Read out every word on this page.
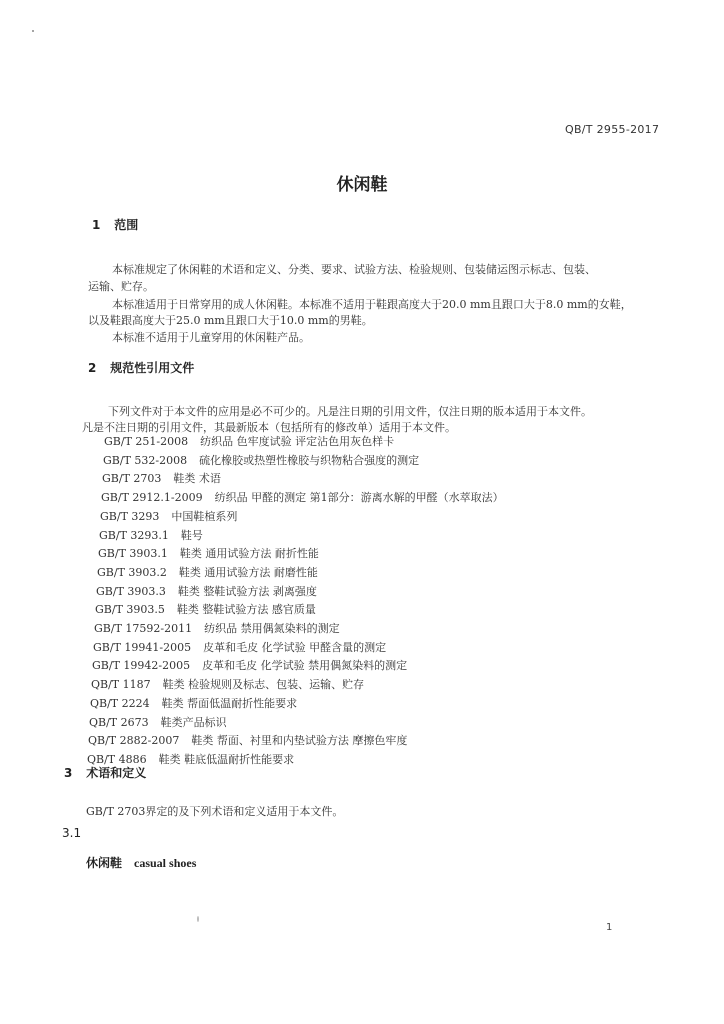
QB/T 2955-2017
休闲鞋
1 范围
本标准规定了休闲鞋的术语和定义、分类、要求、试验方法、检验规则、包装储运图示标志、包装、
运输、贮存。
本标准适用于日常穿用的成人休闲鞋。本标准不适用于鞋跟高度大于20.0 mm且跟口大于8.0 mm的女鞋，
以及鞋跟高度大于25.0 mm且跟口大于10.0 mm的男鞋。
本标准不适用于儿童穿用的休闲鞋产品。
2 规范性引用文件
下列文件对于本文件的应用是必不可少的。凡是注日期的引用文件，仅注日期的版本适用于本文件。
凡是不注日期的引用文件，其最新版本（包括所有的修改单）适用于本文件。
GB/T 251-2008 纺织品 色牢度试验 评定沾色用灰色样卡
GB/T 532-2008 硫化橡胶或热塑性橡胶与织物粘合强度的测定
GB/T 2703 鞋类 术语
GB/T 2912.1-2009 纺织品 甲醛的测定 第1部分：游离水解的甲醛（水萃取法）
GB/T 3293 中国鞋楦系列
GB/T 3293.1 鞋号
GB/T 3903.1 鞋类 通用试验方法 耐折性能
GB/T 3903.2 鞋类 通用试验方法 耐磨性能
GB/T 3903.3 鞋类 整鞋试验方法 剥离强度
GB/T 3903.5 鞋类 整鞋试验方法 感官质量
GB/T 17592-2011 纺织品 禁用偶氮染料的测定
GB/T 19941-2005 皮革和毛皮 化学试验 甲醛含量的测定
GB/T 19942-2005 皮革和毛皮 化学试验 禁用偶氮染料的测定
QB/T 1187 鞋类 检验规则及标志、包装、运输、贮存
QB/T 2224 鞋类 帮面低温耐折性能要求
QB/T 2673 鞋类产品标识
QB/T 2882-2007 鞋类 帮面、衬里和内垫试验方法 摩擦色牢度
QB/T 4886 鞋类 鞋底低温耐折性能要求
3 术语和定义
GB/T 2703界定的及下列术语和定义适用于本文件。
3.1
休闲鞋 casual shoes
1
